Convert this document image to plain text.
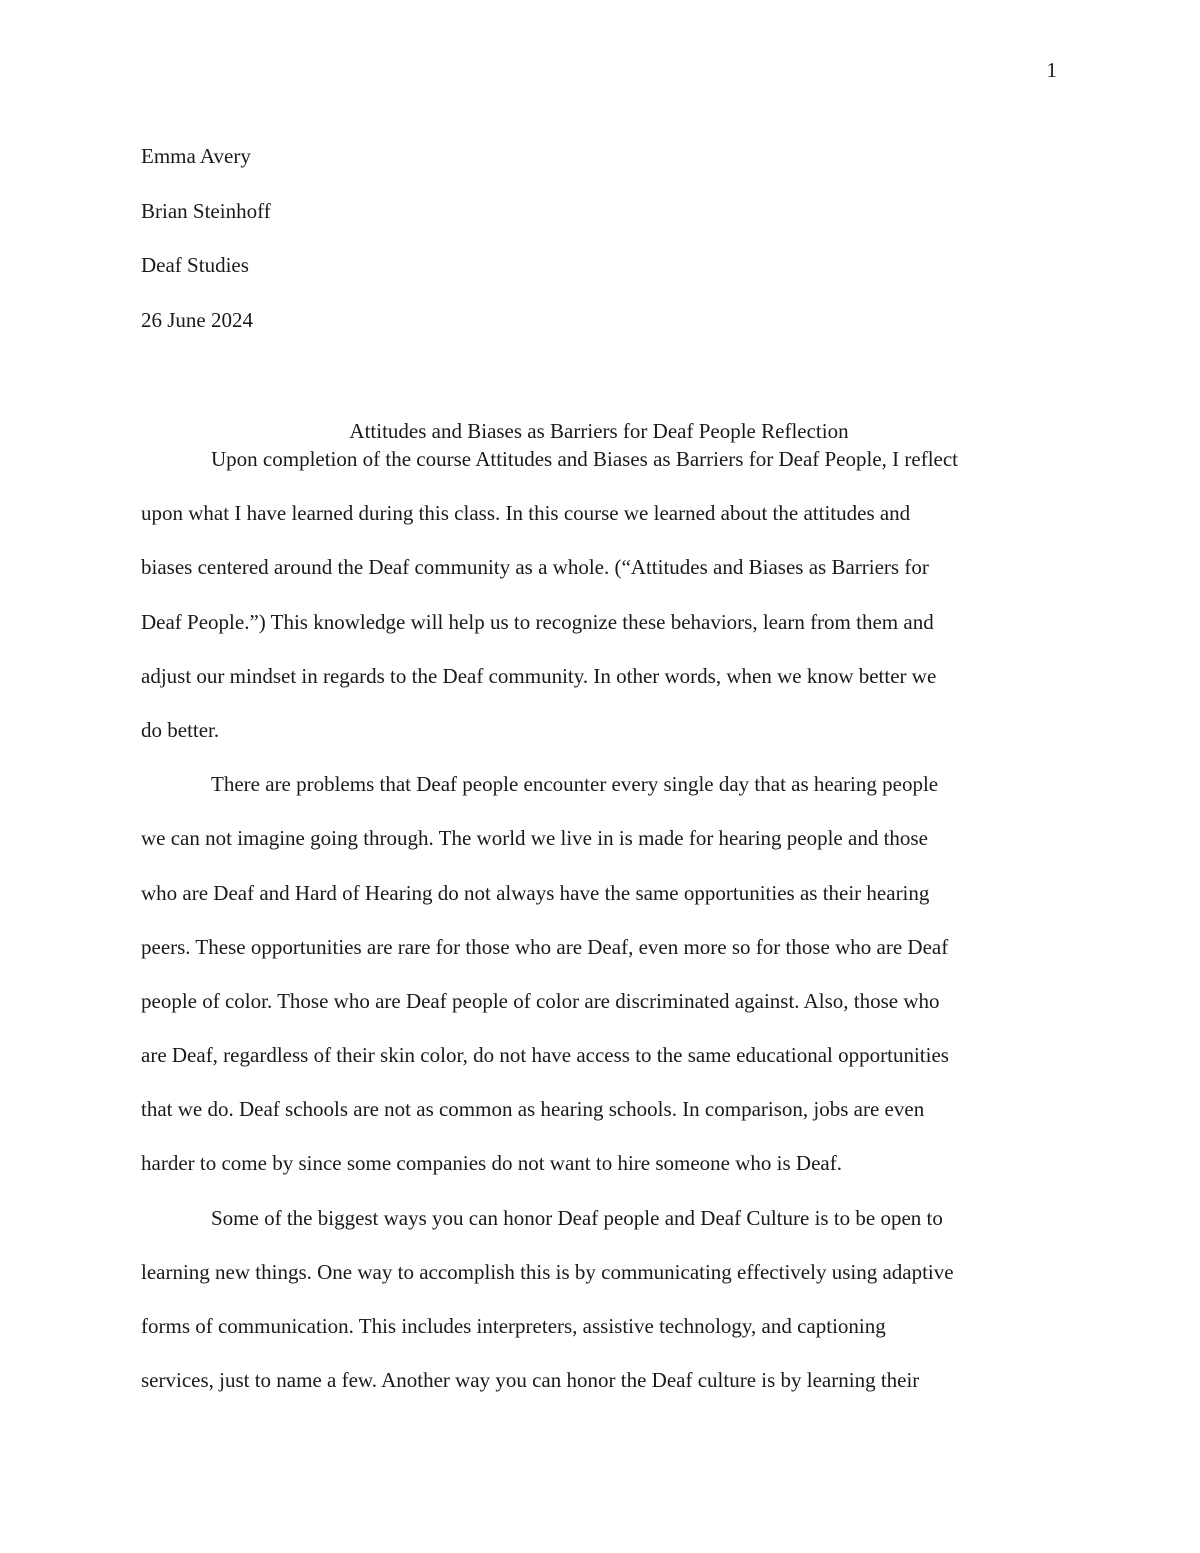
1
Emma Avery
Brian Steinhoff
Deaf Studies
26 June 2024
Attitudes and Biases as Barriers for Deaf People Reflection
Upon completion of the course Attitudes and Biases as Barriers for Deaf People, I reflect
upon what I have learned during this class. In this course we learned about the attitudes and
biases centered around the Deaf community as a whole. (“Attitudes and Biases as Barriers for
Deaf People.”) This knowledge will help us to recognize these behaviors, learn from them and
adjust our mindset in regards to the Deaf community. In other words, when we know better we
do better.
There are problems that Deaf people encounter every single day that as hearing people
we can not imagine going through. The world we live in is made for hearing people and those
who are Deaf and Hard of Hearing do not always have the same opportunities as their hearing
peers. These opportunities are rare for those who are Deaf, even more so for those who are Deaf
people of color. Those who are Deaf people of color are discriminated against. Also, those who
are Deaf, regardless of their skin color, do not have access to the same educational opportunities
that we do. Deaf schools are not as common as hearing schools. In comparison, jobs are even
harder to come by since some companies do not want to hire someone who is Deaf.
Some of the biggest ways you can honor Deaf people and Deaf Culture is to be open to
learning new things. One way to accomplish this is by communicating effectively using adaptive
forms of communication. This includes interpreters, assistive technology, and captioning
services, just to name a few. Another way you can honor the Deaf culture is by learning their
